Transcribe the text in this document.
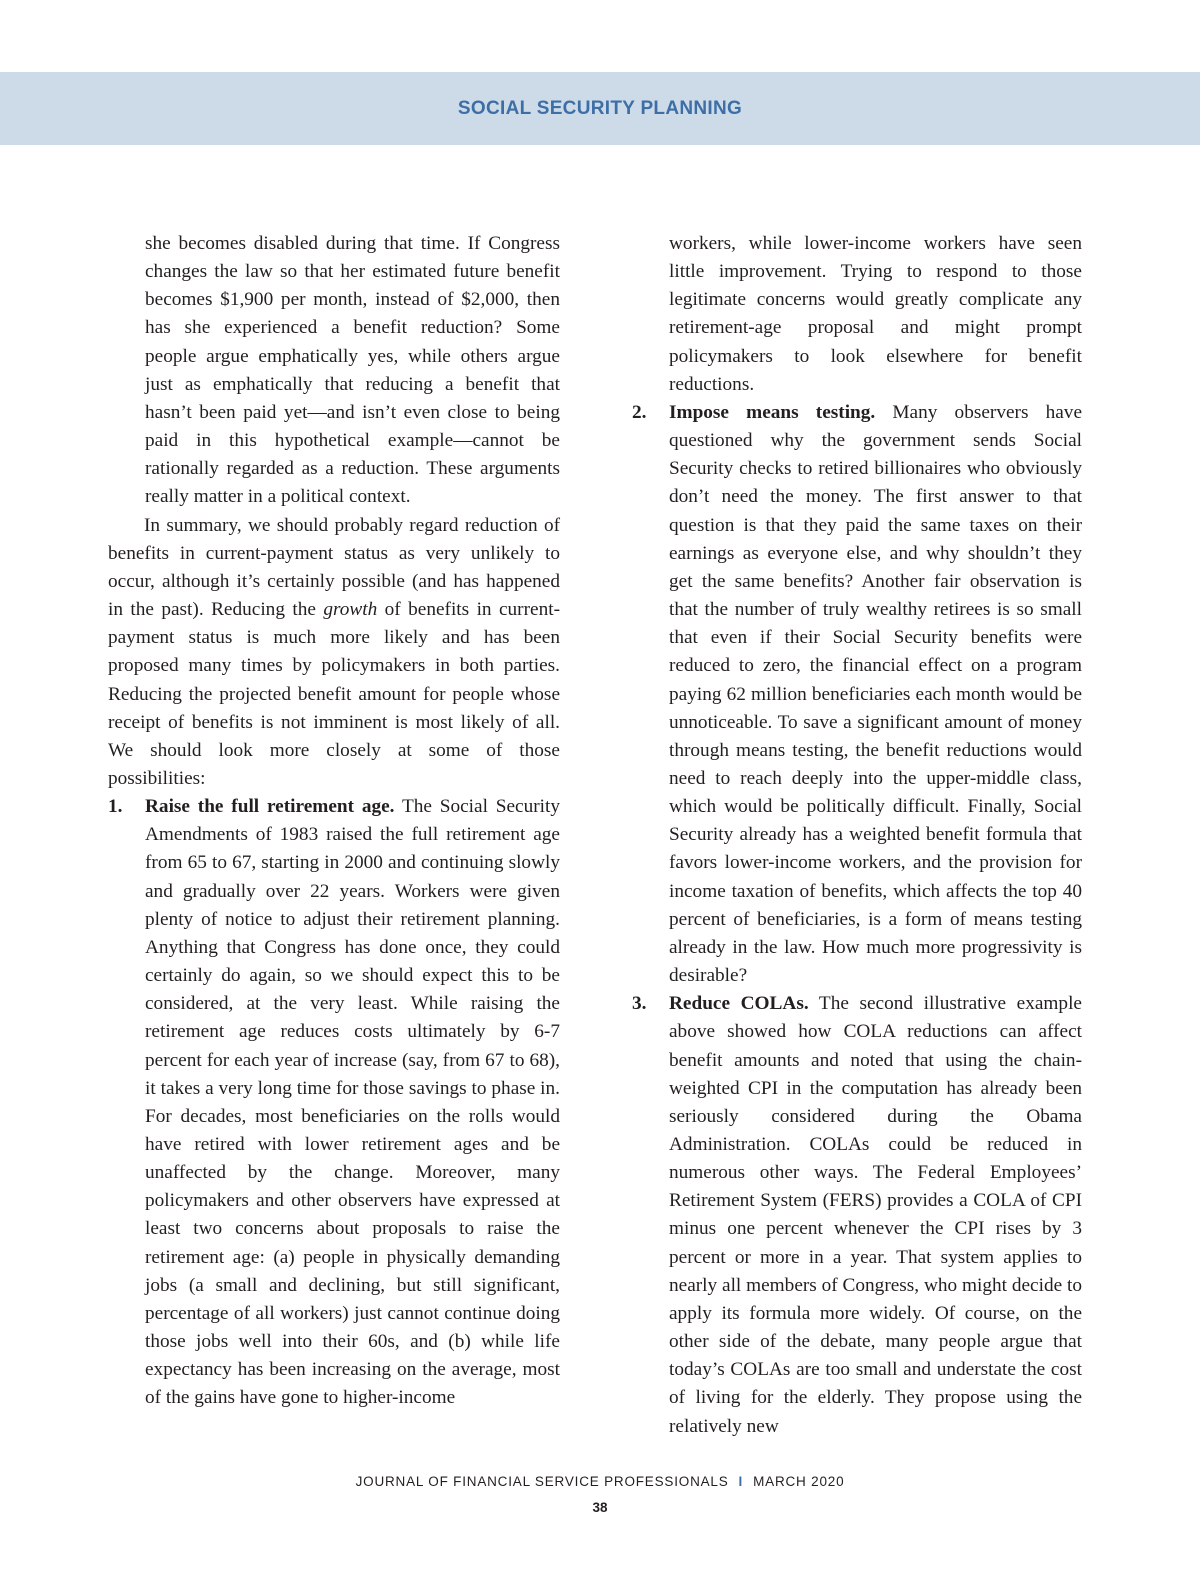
SOCIAL SECURITY PLANNING

she becomes disabled during that time. If Congress changes the law so that her estimated future benefit becomes $1,900 per month, instead of $2,000, then has she experienced a benefit reduction? Some people argue emphatically yes, while others argue just as emphatically that reducing a benefit that hasn’t been paid yet—and isn’t even close to being paid in this hypothetical example—cannot be rationally regarded as a reduction. These arguments really matter in a political context.

In summary, we should probably regard reduction of benefits in current-payment status as very unlikely to occur, although it’s certainly possible (and has happened in the past). Reducing the growth of benefits in current-payment status is much more likely and has been proposed many times by policymakers in both parties. Reducing the projected benefit amount for people whose receipt of benefits is not imminent is most likely of all. We should look more closely at some of those possibilities:

1. Raise the full retirement age. The Social Security Amendments of 1983 raised the full retirement age from 65 to 67, starting in 2000 and continuing slowly and gradually over 22 years. Workers were given plenty of notice to adjust their retirement planning. Anything that Congress has done once, they could certainly do again, so we should expect this to be considered, at the very least. While raising the retirement age reduces costs ultimately by 6-7 percent for each year of increase (say, from 67 to 68), it takes a very long time for those savings to phase in. For decades, most beneficiaries on the rolls would have retired with lower retirement ages and be unaffected by the change. Moreover, many policymakers and other observers have expressed at least two concerns about proposals to raise the retirement age: (a) people in physically demanding jobs (a small and declining, but still significant, percentage of all workers) just cannot continue doing those jobs well into their 60s, and (b) while life expectancy has been increasing on the average, most of the gains have gone to higher-income

workers, while lower-income workers have seen little improvement. Trying to respond to those legitimate concerns would greatly complicate any retirement-age proposal and might prompt policymakers to look elsewhere for benefit reductions.

2. Impose means testing. Many observers have questioned why the government sends Social Security checks to retired billionaires who obviously don’t need the money. The first answer to that question is that they paid the same taxes on their earnings as everyone else, and why shouldn’t they get the same benefits? Another fair observation is that the number of truly wealthy retirees is so small that even if their Social Security benefits were reduced to zero, the financial effect on a program paying 62 million beneficiaries each month would be unnoticeable. To save a significant amount of money through means testing, the benefit reductions would need to reach deeply into the upper-middle class, which would be politically difficult. Finally, Social Security already has a weighted benefit formula that favors lower-income workers, and the provision for income taxation of benefits, which affects the top 40 percent of beneficiaries, is a form of means testing already in the law. How much more progressivity is desirable?

3. Reduce COLAs. The second illustrative example above showed how COLA reductions can affect benefit amounts and noted that using the chain-weighted CPI in the computation has already been seriously considered during the Obama Administration. COLAs could be reduced in numerous other ways. The Federal Employees’ Retirement System (FERS) provides a COLA of CPI minus one percent whenever the CPI rises by 3 percent or more in a year. That system applies to nearly all members of Congress, who might decide to apply its formula more widely. Of course, on the other side of the debate, many people argue that today’s COLAs are too small and understate the cost of living for the elderly. They propose using the relatively new

JOURNAL OF FINANCIAL SERVICE PROFESSIONALS I MARCH 2020
38
